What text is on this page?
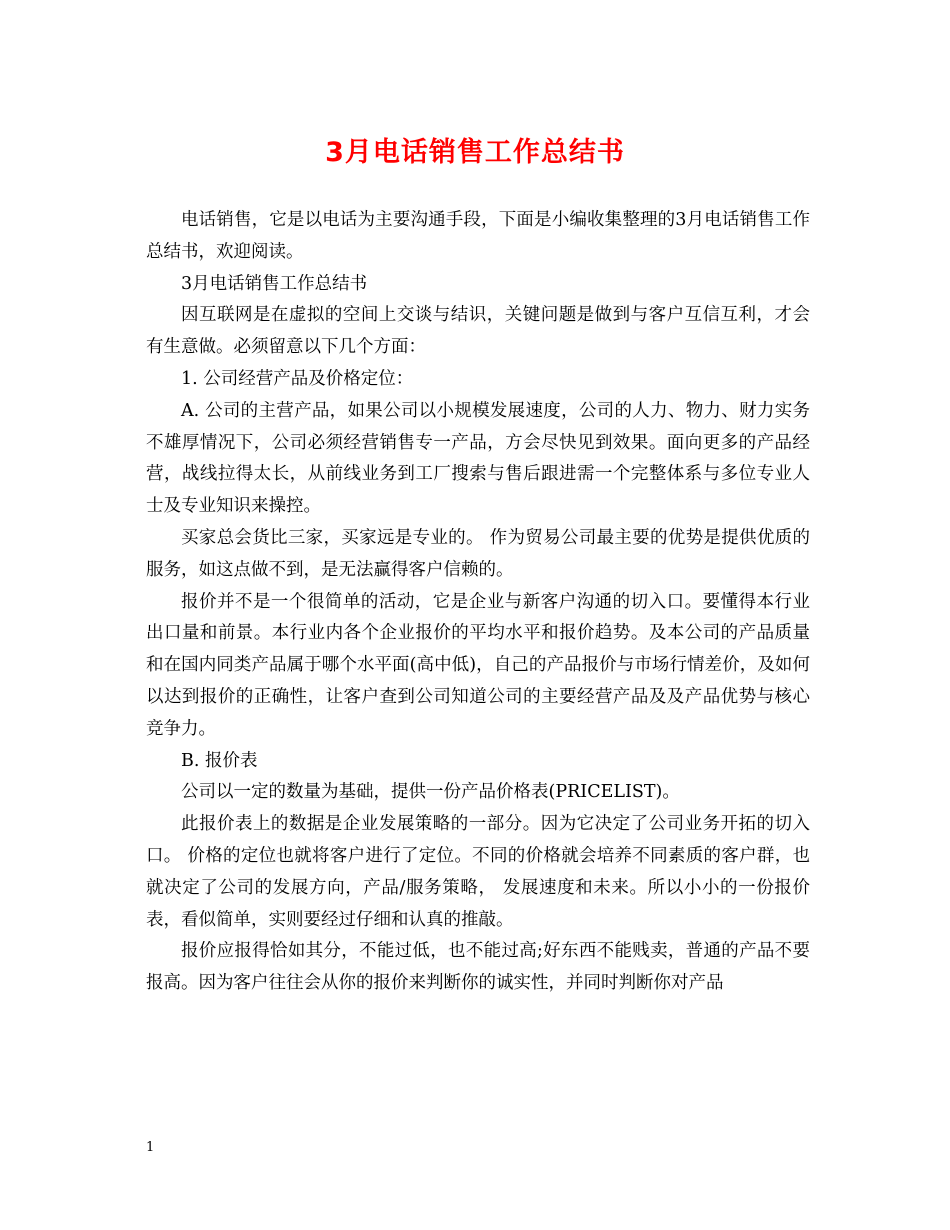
3月电话销售工作总结书

电话销售，它是以电话为主要沟通手段，下面是小编收集整理的3月电话销售工作总结书，欢迎阅读。

3月电话销售工作总结书

因互联网是在虚拟的空间上交谈与结识，关键问题是做到与客户互信互利，才会有生意做。必须留意以下几个方面：

1. 公司经营产品及价格定位：

A. 公司的主营产品，如果公司以小规模发展速度，公司的人力、物力、财力实务不雄厚情况下，公司必须经营销售专一产品，方会尽快见到效果。面向更多的产品经营，战线拉得太长，从前线业务到工厂搜索与售后跟进需一个完整体系与多位专业人士及专业知识来操控。

买家总会货比三家，买家远是专业的。 作为贸易公司最主要的优势是提供优质的服务，如这点做不到，是无法赢得客户信赖的。

报价并不是一个很简单的活动，它是企业与新客户沟通的切入口。要懂得本行业出口量和前景。本行业内各个企业报价的平均水平和报价趋势。及本公司的产品质量和在国内同类产品属于哪个水平面(高中低)，自己的产品报价与市场行情差价，及如何以达到报价的正确性，让客户查到公司知道公司的主要经营产品及及产品优势与核心竞争力。

B. 报价表

公司以一定的数量为基础，提供一份产品价格表(PRICELIST)。

此报价表上的数据是企业发展策略的一部分。因为它决定了公司业务开拓的切入口。 价格的定位也就将客户进行了定位。不同的价格就会培养不同素质的客户群，也就决定了公司的发展方向，产品/服务策略， 发展速度和未来。所以小小的一份报价表，看似简单，实则要经过仔细和认真的推敲。

报价应报得恰如其分，不能过低，也不能过高;好东西不能贱卖，普通的产品不要报高。因为客户往往会从你的报价来判断你的诚实性，并同时判断你对产品

1
